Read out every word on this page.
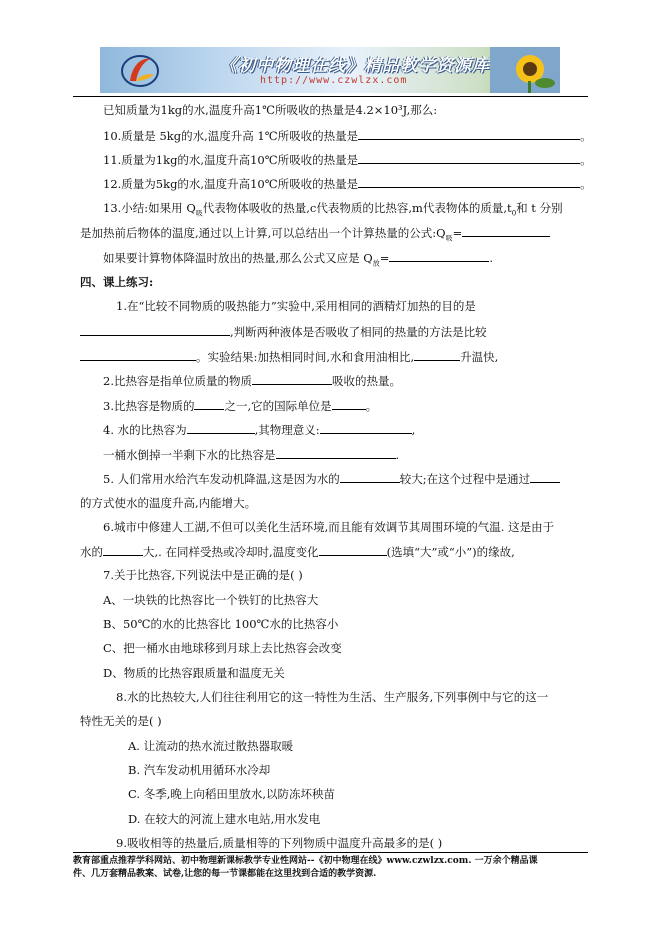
《初中物理在线》精品教学资源库
http://www.czwlzx.com
已知质量为1kg的水,温度升高1℃所吸收的热量是4.2×10³J,那么:
10.质量是 5kg的水,温度升高 1℃所吸收的热量是	。
11.质量为1kg的水,温度升高10℃所吸收的热量是	。
12.质量为5kg的水,温度升高10℃所吸收的热量是	。
13.小结:如果用 $Q_吸$代表物体吸收的热量,c代表物质的比热容,m代表物体的质量$,t_0$和 t 分别
是加热前后物体的温度,通过以上计算,可以总结出一个计算热量的公式$:Q_吸=$
如果要计算物体降温时放出的热量,那么公式又应是 $Q_放=$	.
四、课上练习:
1.在“比较不同物质的吸热能力”实验中,采用相同的酒精灯加热的目的是
,判断两种液体是否吸收了相同的热量的方法是比较
。实验结果:加热相同时间,水和食用油相比,	升温快,
2.比热容是指单位质量的物质	吸收的热量。
3.比热容是物质的	之一,它的国际单位是	。
4. 水的比热容为	,其物理意义:	,
一桶水倒掉一半剩下水的比热容是	.
5. 人们常用水给汽车发动机降温,这是因为水的	较大;在这个过程中是通过
的方式使水的温度升高,内能增大。
6.城市中修建人工湖,不但可以美化生活环境,而且能有效调节其周围环境的气温. 这是由于
水的	大,. 在同样受热或冷却时,温度变化	(选填“大”或“小”)的缘故,
7.关于比热容,下列说法中是正确的是( )
A、一块铁的比热容比一个铁钉的比热容大
B、50℃的水的比热容比 100℃水的比热容小
C、把一桶水由地球移到月球上去比热容会改变
D、物质的比热容跟质量和温度无关
8.水的比热较大,人们往往利用它的这一特性为生活、生产服务,下列事例中与它的这一
特性无关的是( )
A. 让流动的热水流过散热器取暖
B. 汽车发动机用循环水冷却
C. 冬季,晚上向稻田里放水,以防冻坏秧苗
D. 在较大的河流上建水电站,用水发电
9.吸收相等的热量后,质量相等的下列物质中温度升高最多的是( )
教育部重点推荐学科网站、初中物理新课标教学专业性网站--《初中物理在线》www.czwlzx.com. 一万余个精品课
件、几万套精品教案、试卷,让您的每一节课都能在这里找到合适的教学资源.
